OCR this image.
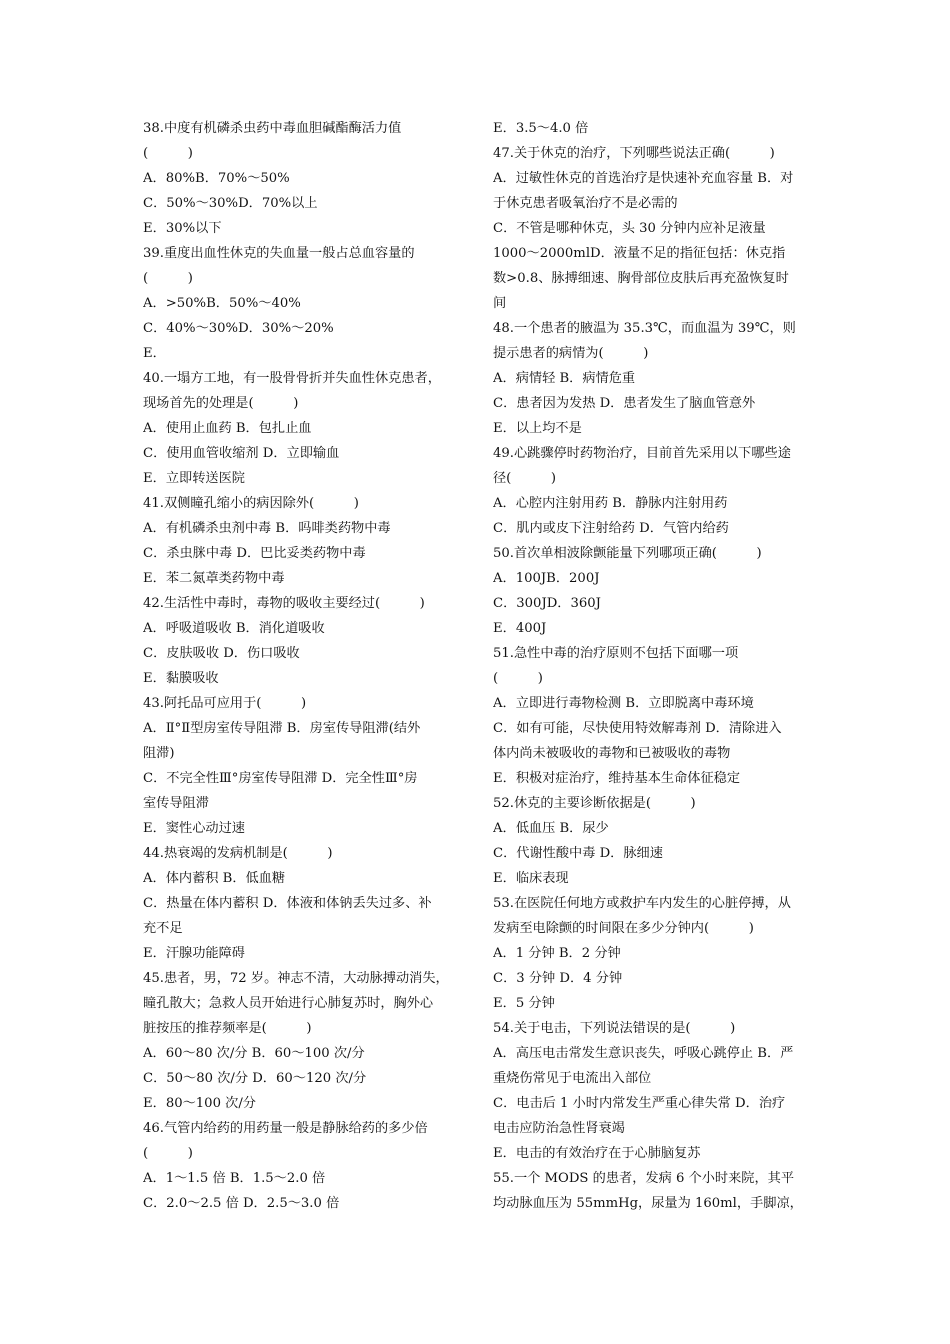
38.中度有机磷杀虫药中毒血胆碱酯酶活力值
(　　　)
A．80%B．70%～50%
C．50%～30%D．70%以上
E．30%以下
39.重度出血性休克的失血量一般占总血容量的
(　　　)
A．>50%B．50%～40%
C．40%～30%D．30%～20%
E．
40.一塌方工地，有一股骨骨折并失血性休克患者，
现场首先的处理是(　　　)
A．使用止血药 B．包扎止血
C．使用血管收缩剂 D．立即输血
E．立即转送医院
41.双侧瞳孔缩小的病因除外(　　　)
A．有机磷杀虫剂中毒 B．吗啡类药物中毒
C．杀虫脒中毒 D．巴比妥类药物中毒
E．苯二氮䓬类药物中毒
42.生活性中毒时，毒物的吸收主要经过(　　　)
A．呼吸道吸收 B．消化道吸收
C．皮肤吸收 D．伤口吸收
E．黏膜吸收
43.阿托品可应用于(　　　)
A．Ⅱ°Ⅱ型房室传导阻滞 B．房室传导阻滞(结外
阻滞)
C．不完全性Ⅲ°房室传导阻滞 D．完全性Ⅲ°房
室传导阻滞
E．窦性心动过速
44.热衰竭的发病机制是(　　　)
A．体内蓄积 B．低血糖
C．热量在体内蓄积 D．体液和体钠丢失过多、补
充不足
E．汗腺功能障碍
45.患者，男，72 岁。神志不清，大动脉搏动消失，
瞳孔散大；急救人员开始进行心肺复苏时，胸外心
脏按压的推荐频率是(　　　)
A．60～80 次/分 B．60～100 次/分
C．50～80 次/分 D．60～120 次/分
E．80～100 次/分
46.气管内给药的用药量一般是静脉给药的多少倍
(　　　)
A．1～1.5 倍 B．1.5～2.0 倍
C．2.0～2.5 倍 D．2.5～3.0 倍
E．3.5～4.0 倍
47.关于休克的治疗，下列哪些说法正确(　　　)
A．过敏性休克的首选治疗是快速补充血容量 B．对
于休克患者吸氧治疗不是必需的
C．不管是哪种休克，头 30 分钟内应补足液量
1000～2000mlD．液量不足的指征包括：休克指
数>0.8、脉搏细速、胸骨部位皮肤后再充盈恢复时
间
48.一个患者的腋温为 35.3℃，而血温为 39℃，则
提示患者的病情为(　　　)
A．病情轻 B．病情危重
C．患者因为发热 D．患者发生了脑血管意外
E．以上均不是
49.心跳骤停时药物治疗，目前首先采用以下哪些途
径(　　　)
A．心腔内注射用药 B．静脉内注射用药
C．肌内或皮下注射给药 D．气管内给药
50.首次单相波除颤能量下列哪项正确(　　　)
A．100JB．200J
C．300JD．360J
E．400J
51.急性中毒的治疗原则不包括下面哪一项
(　　　)
A．立即进行毒物检测 B．立即脱离中毒环境
C．如有可能，尽快使用特效解毒剂 D．清除进入
体内尚未被吸收的毒物和已被吸收的毒物
E．积极对症治疗，维持基本生命体征稳定
52.休克的主要诊断依据是(　　　)
A．低血压 B．尿少
C．代谢性酸中毒 D．脉细速
E．临床表现
53.在医院任何地方或救护车内发生的心脏停搏，从
发病至电除颤的时间限在多少分钟内(　　　)
A．1 分钟 B．2 分钟
C．3 分钟 D．4 分钟
E．5 分钟
54.关于电击，下列说法错误的是(　　　)
A．高压电击常发生意识丧失，呼吸心跳停止 B．严
重烧伤常见于电流出入部位
C．电击后 1 小时内常发生严重心律失常 D．治疗
电击应防治急性肾衰竭
E．电击的有效治疗在于心肺脑复苏
55.一个 MODS 的患者，发病 6 个小时来院，其平
均动脉血压为 55mmHg，尿量为 160ml，手脚凉，
